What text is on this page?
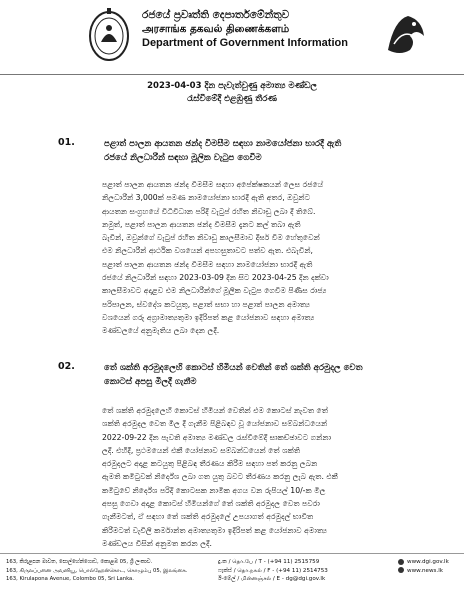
රජයේ ප්‍රවෘත්ති දෙපාර්තමේන්තුව
அரசாங்க தகவல் திணைக்களம்
Department of Government Information
2023-04-03 දින පැවැත්වුණු අමාත්‍ය මණ්ඩල
රැස්වීමේදී එළඹුණු තීරණ
01.	පළාත් පාලන ආයතන ඡන්ද විමසීම සඳහා නාමයෝජනා භාරදී ඇති
රජයේ නිලධාරීන් සඳහා මූලික වැටුප ගෙවීම
පළාත් පාලන ආයතන ඡන්ද විමසීම සඳහා අපේක්ෂකයන් ලෙස රජයේ
නිලධාරීන් 3,000ක් පමණ නාමයෝජනා භාරදී ඇති අතර, ඔවුන්ට
ආයතන සංග්‍රහයේ විධිවිධාන පරිදි වැටුප් රහිත නිවාඩු ලබා දී තිබේ.
නමුත්, පළාත් පාලන ආයතන ඡන්ද විමසීම දැනට කල් තබා ඇති
බැවින්, ඔවුන්ගේ වැටුප් රහිත නිවාඩු කාලසීමාව දීර්ඝ වීම හේතුවෙන්
එම නිලධාරීන් ආර්ථික වශයෙන් අපහසුතාවට පත්ව ඇත. එබැවින්,
පළාත් පාලන ආයතන ඡන්ද විමසීම සඳහා නාමයෝජනා භාරදී ඇති
රජයේ නිලධාරීන් සඳහා 2023-03-09 දින සිට 2023-04-25 දින දක්වා
කාලසීමාවට අදාළව එම නිලධාරීන්ගේ මූලික වැටුප ගෙවීම පිණිස රාජ්‍ය
පරිපාලන, ස්වදේශ කටයුතු, පළාත් සභා හා පළාත් පාලන අමාත්‍ය
වශයෙන් ගරු අග්‍රාමාත්‍යතුමා ඉදිරිපත් කළ යෝජනාව සඳහා අමාත්‍ය
මණ්ඩලයේ අනුමැතිය ලබා දෙන ලදී.
02.	තේ ශක්ති අරමුදලෙහි කොටස් හිමියන් වෙතින් තේ ශක්ති අරමුදල වෙත
කොටස් අපසු මිලදී ගැනීම
තේ ශක්ති අරමුදලෙහි කොටස් හිමියන් වෙතින් එම කොටස් නැවත තේ
ශක්ති අරමුදල වෙත මිල දී ගැනීම පිළිබඳව වූ යෝජනාව සම්බන්ධයෙන්
2022-09-22 දින පැවති අමාත්‍ය මණ්ඩල රැස්වීමේදී සාකච්ඡාවට ගන්නා
ලදී. එහිදී, ප්‍රථමයෙන් එකී යෝජනාව සම්බන්ධයෙන් තේ ශක්ති
අරමුදලට අදාළ කටයුතු පිළිබඳ තීරණය කිරීම සඳහා පත් කරනු ලබන
ඇමති කමිටුවක් නිර්දේශ ලබා ගත යුතු බවට තීරණය කරනු ලැබ ඇත. එකී
කමිටුවේ නිර්දේශ පරිදි කොටසක නාමික අගය වන රුපියල් 10/-ක මිල
අපසු ගෙවා අදාළ කොටස් හිමියන්ගේ තේ ශක්ති අරමුදල වෙත පවරා
ගැනීමටත්, ඒ සඳහා තේ ශක්ති අරමුදලේ උපයාගත් අරමුදල් භාවිත
කිරීමටත් වැවිලි කර්මාන්ත අමාත්‍යතුමා ඉදිරිපත් කළ යෝජනාව අමාත්‍ය
මණ්ඩලය විසින් අනුමත කරන ලදී.
163, කිරුළපන මාවත, පොල්හේන්ගොඩ, කොළඹ 05, ශ්‍රී ලංකාව.
163, கிருலப்பனை அவனியூ, பொல்ஹேன்கொட, கொழும்பு 05, இலங்கை.
163, Kirulapona Avenue, Colombo 05, Sri Lanka.
දු.ක / தொ.பே / T - (+94 11) 2515759
ෆැක්ස් / தொ.நகல் / F - (+94 11) 2514753
ඊ-මේල් / மின்னஞ்சல் / E - dg@dgi.gov.lk
www.dgi.gov.lk
www.news.lk
